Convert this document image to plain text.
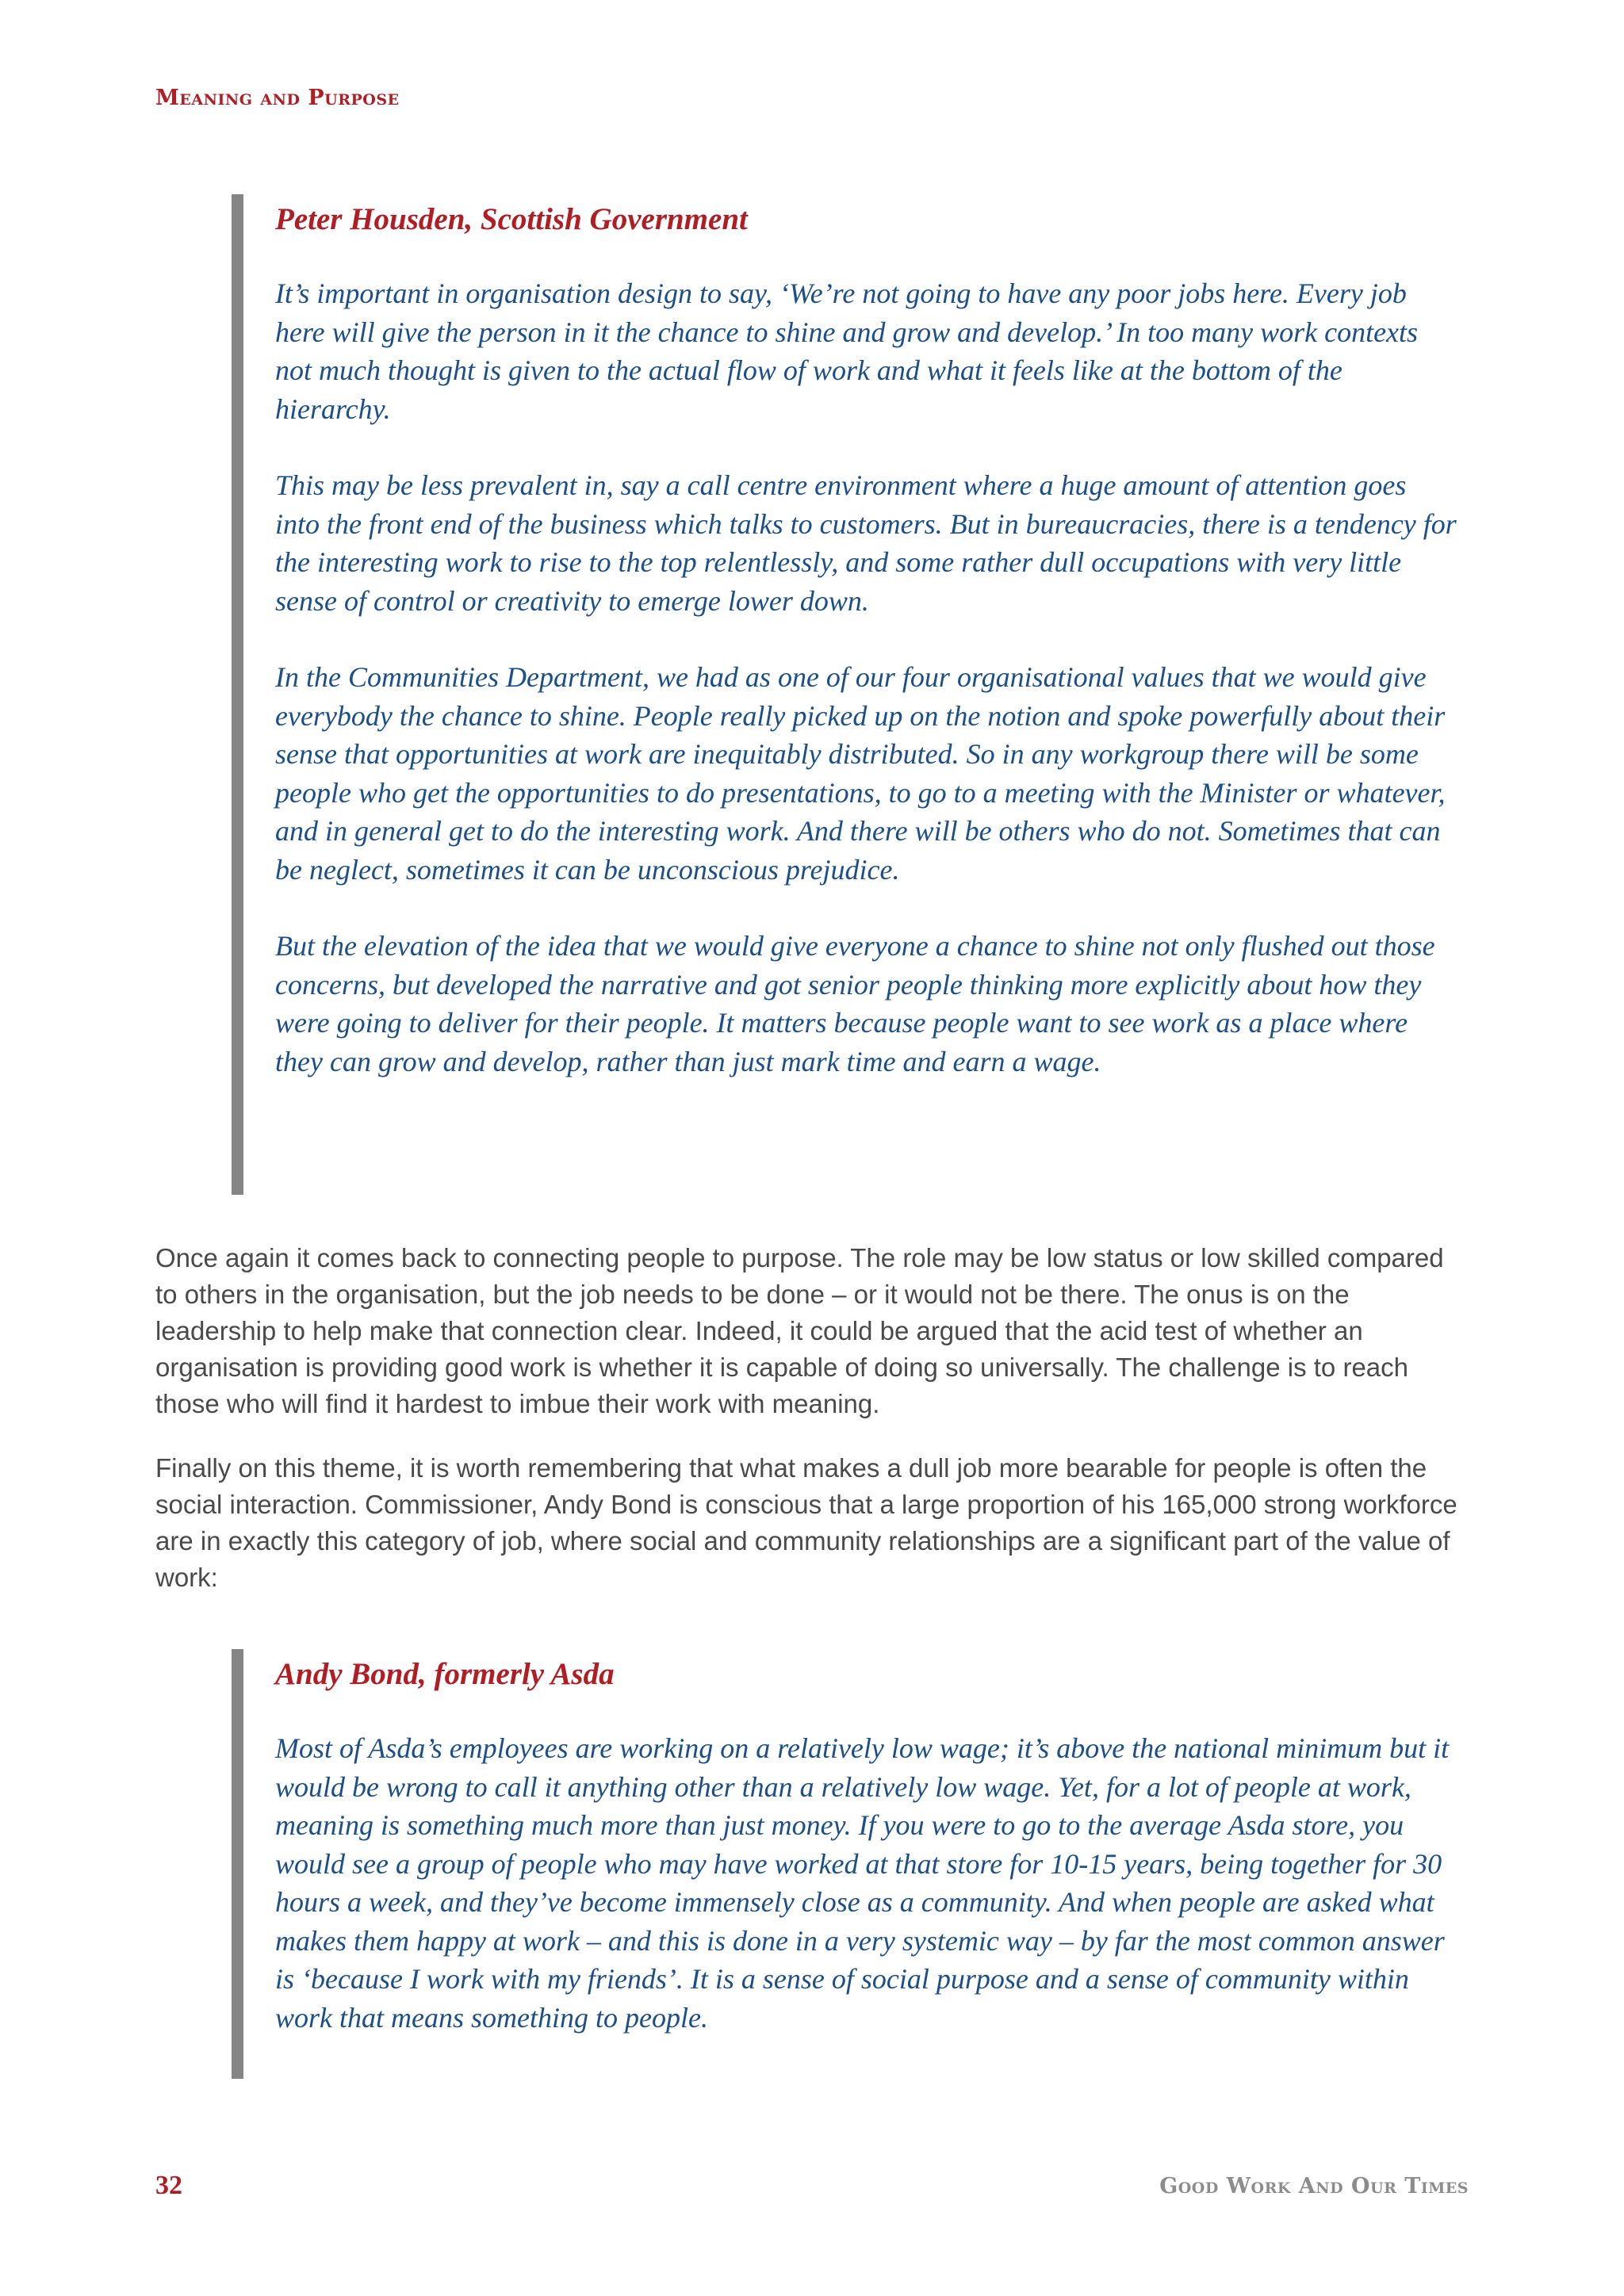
Meaning and Purpose
Peter Housden, Scottish Government

It’s important in organisation design to say, ‘We’re not going to have any poor jobs here. Every job here will give the person in it the chance to shine and grow and develop.’ In too many work contexts not much thought is given to the actual flow of work and what it feels like at the bottom of the hierarchy.

This may be less prevalent in, say a call centre environment where a huge amount of attention goes into the front end of the business which talks to customers. But in bureaucracies, there is a tendency for the interesting work to rise to the top relentlessly, and some rather dull occupations with very little sense of control or creativity to emerge lower down.

In the Communities Department, we had as one of our four organisational values that we would give everybody the chance to shine. People really picked up on the notion and spoke powerfully about their sense that opportunities at work are inequitably distributed. So in any workgroup there will be some people who get the opportunities to do presentations, to go to a meeting with the Minister or whatever, and in general get to do the interesting work. And there will be others who do not. Sometimes that can be neglect, sometimes it can be unconscious prejudice.

But the elevation of the idea that we would give everyone a chance to shine not only flushed out those concerns, but developed the narrative and got senior people thinking more explicitly about how they were going to deliver for their people. It matters because people want to see work as a place where they can grow and develop, rather than just mark time and earn a wage.

Once again it comes back to connecting people to purpose. The role may be low status or low skilled compared to others in the organisation, but the job needs to be done – or it would not be there. The onus is on the leadership to help make that connection clear. Indeed, it could be argued that the acid test of whether an organisation is providing good work is whether it is capable of doing so universally. The challenge is to reach those who will find it hardest to imbue their work with meaning.

Finally on this theme, it is worth remembering that what makes a dull job more bearable for people is often the social interaction. Commissioner, Andy Bond is conscious that a large proportion of his 165,000 strong workforce are in exactly this category of job, where social and community relationships are a significant part of the value of work:

Andy Bond, formerly Asda

Most of Asda’s employees are working on a relatively low wage; it’s above the national minimum but it would be wrong to call it anything other than a relatively low wage. Yet, for a lot of people at work, meaning is something much more than just money. If you were to go to the average Asda store, you would see a group of people who may have worked at that store for 10-15 years, being together for 30 hours a week, and they’ve become immensely close as a community. And when people are asked what makes them happy at work – and this is done in a very systemic way – by far the most common answer is ‘because I work with my friends’. It is a sense of social purpose and a sense of community within work that means something to people.

32	Good Work And Our Times
